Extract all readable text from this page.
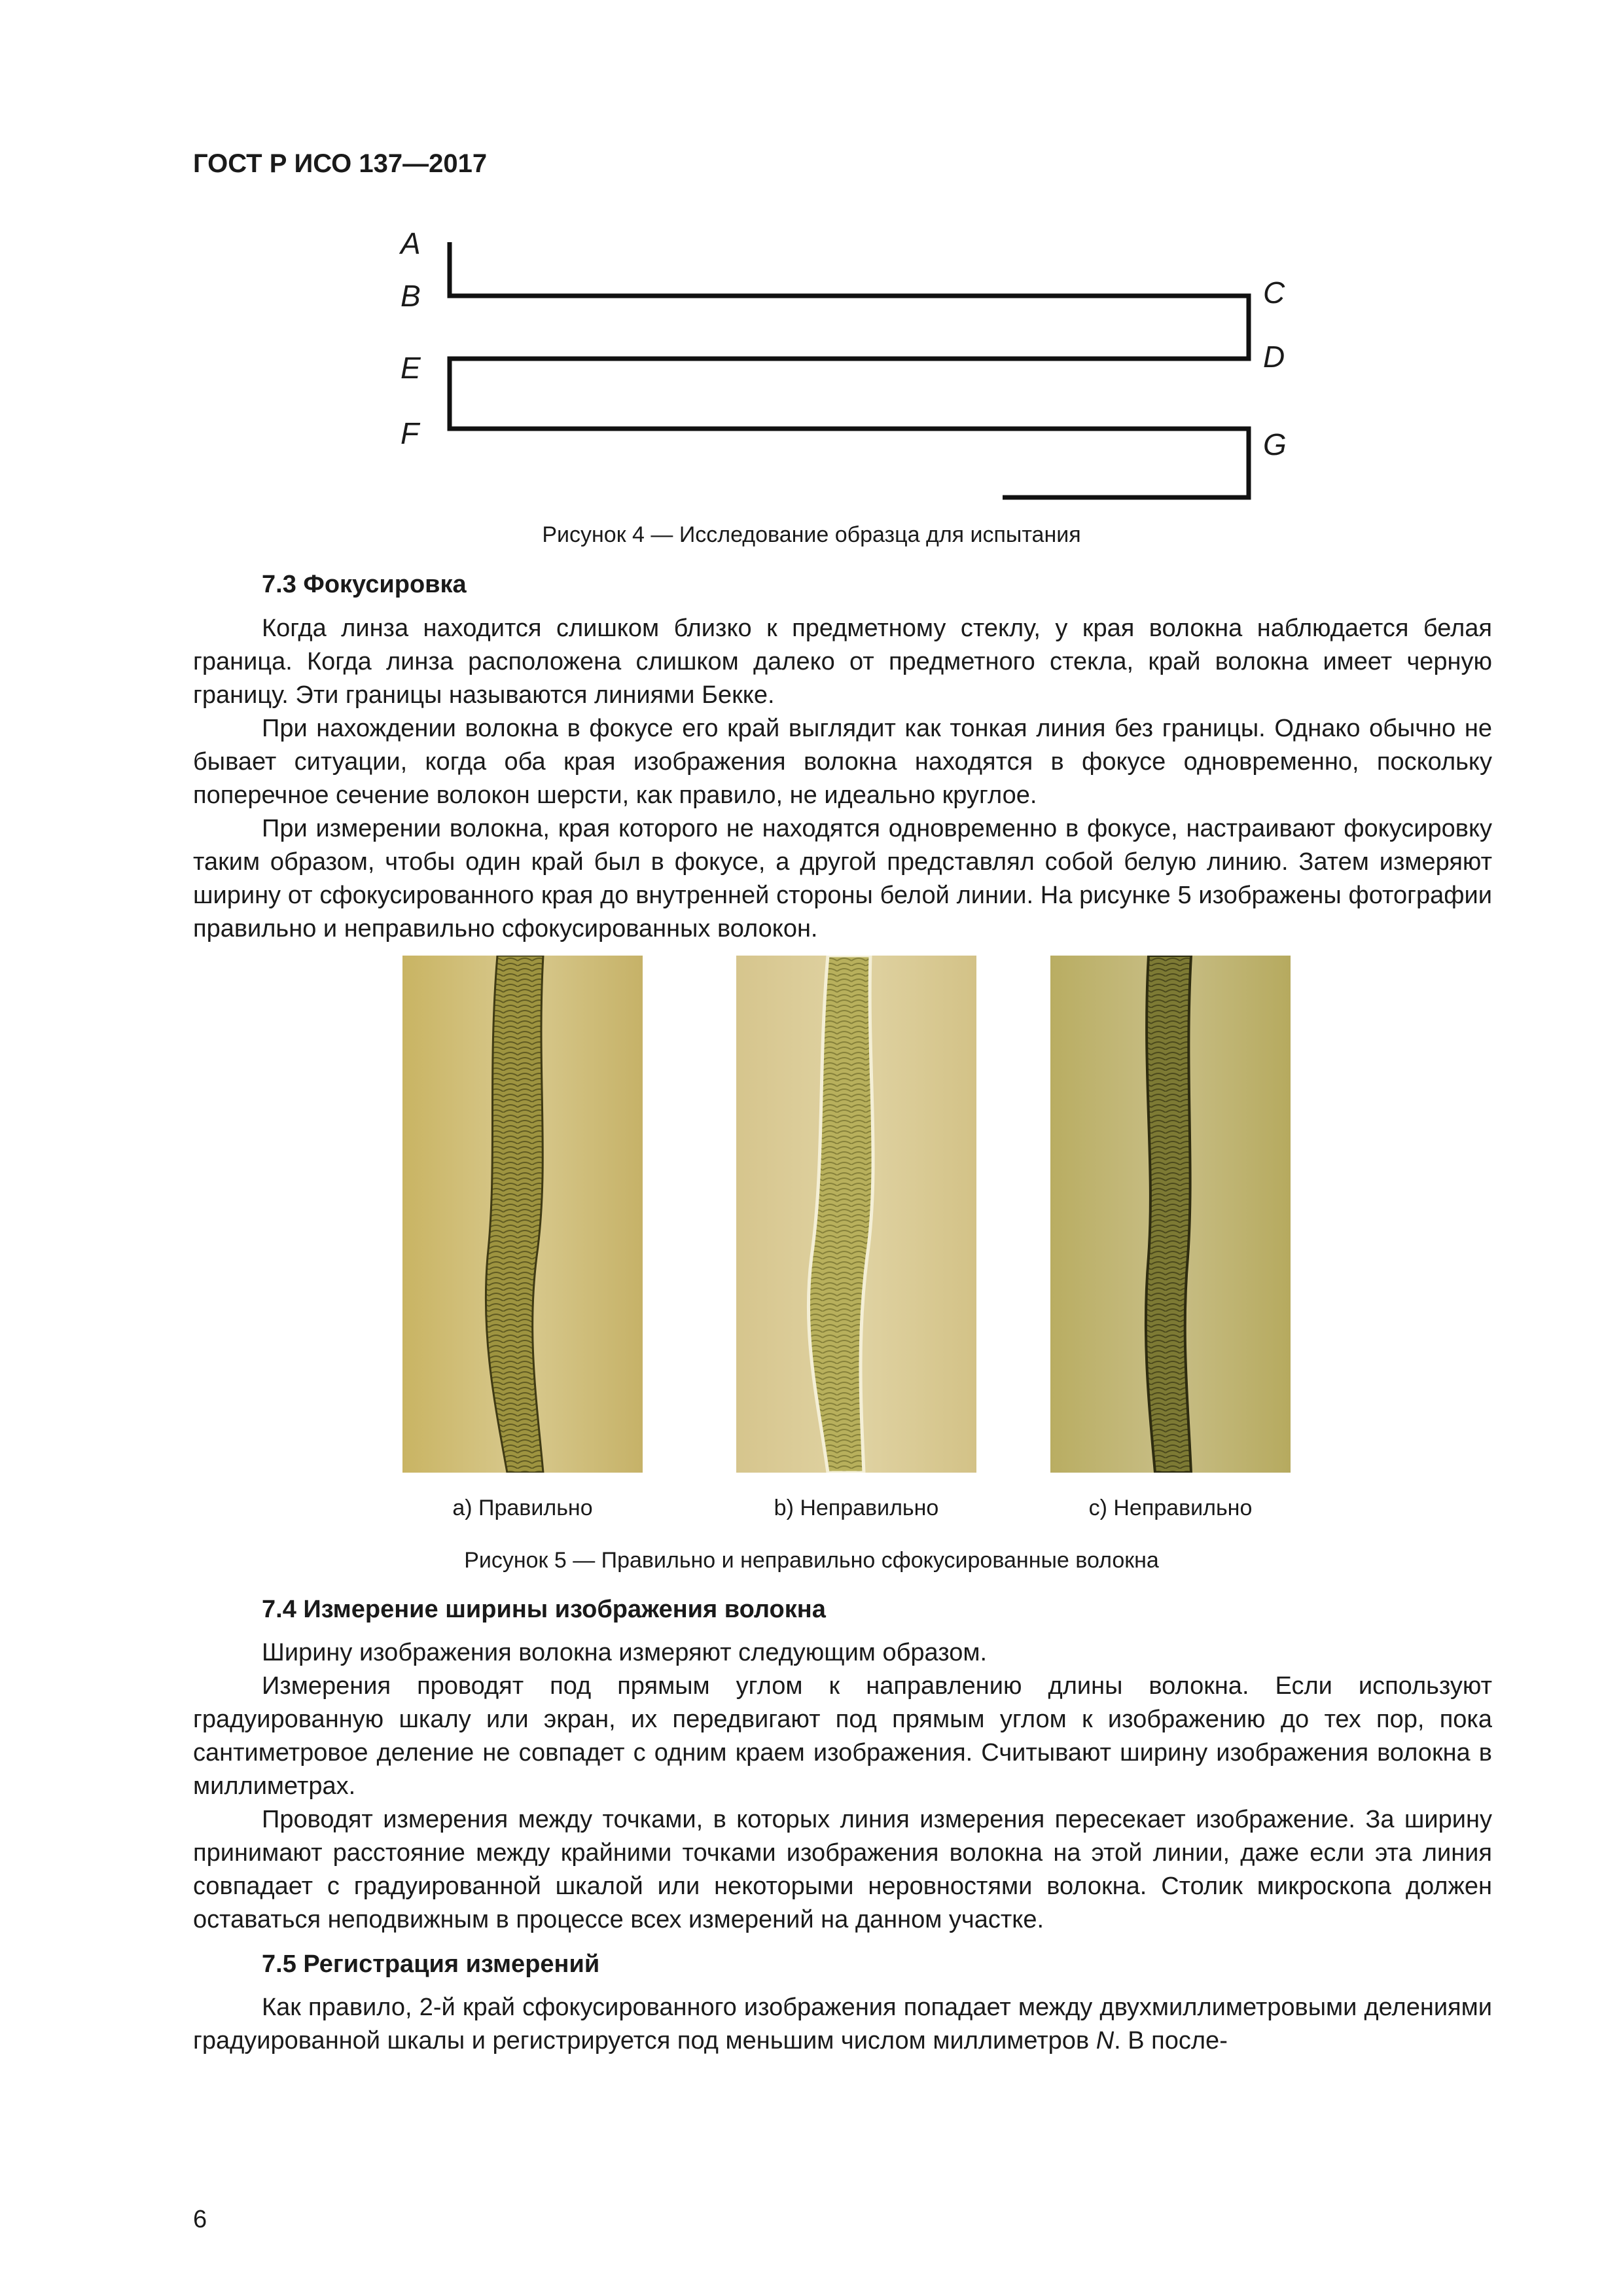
ГОСТ Р ИСО 137—2017
A
B	C
D
E
F	G
Рисунок 4 — Исследование образца для испытания
7.3 Фокусировка

Когда линза находится слишком близко к предметному стеклу, у края волокна наблюдается белая граница. Когда линза расположена слишком далеко от предметного стекла, край волокна имеет черную границу. Эти границы называются линиями Бекке.

При нахождении волокна в фокусе его край выглядит как тонкая линия без границы. Однако обычно не бывает ситуации, когда оба края изображения волокна находятся в фокусе одновременно, поскольку поперечное сечение волокон шерсти, как правило, не идеально круглое.

При измерении волокна, края которого не находятся одновременно в фокусе, настраивают фокусировку таким образом, чтобы один край был в фокусе, а другой представлял собой белую линию. Затем измеряют ширину от сфокусированного края до внутренней стороны белой линии. На рисунке 5 изображены фотографии правильно и неправильно сфокусированных волокон.

a) Правильно	b) Неправильно	c) Неправильно
Рисунок 5 — Правильно и неправильно сфокусированные волокна
7.4 Измерение ширины изображения волокна

Ширину изображения волокна измеряют следующим образом.

Измерения проводят под прямым углом к направлению длины волокна. Если используют градуированную шкалу или экран, их передвигают под прямым углом к изображению до тех пор, пока сантиметровое деление не совпадет с одним краем изображения. Считывают ширину изображения волокна в миллиметрах.

Проводят измерения между точками, в которых линия измерения пересекает изображение. За ширину принимают расстояние между крайними точками изображения волокна на этой линии, даже если эта линия совпадает с градуированной шкалой или некоторыми неровностями волокна. Столик микроскопа должен оставаться неподвижным в процессе всех измерений на данном участке.

7.5 Регистрация измерений

Как правило, 2-й край сфокусированного изображения попадает между двухмиллиметровыми делениями градуированной шкалы и регистрируется под меньшим числом миллиметров N. В после-

6
